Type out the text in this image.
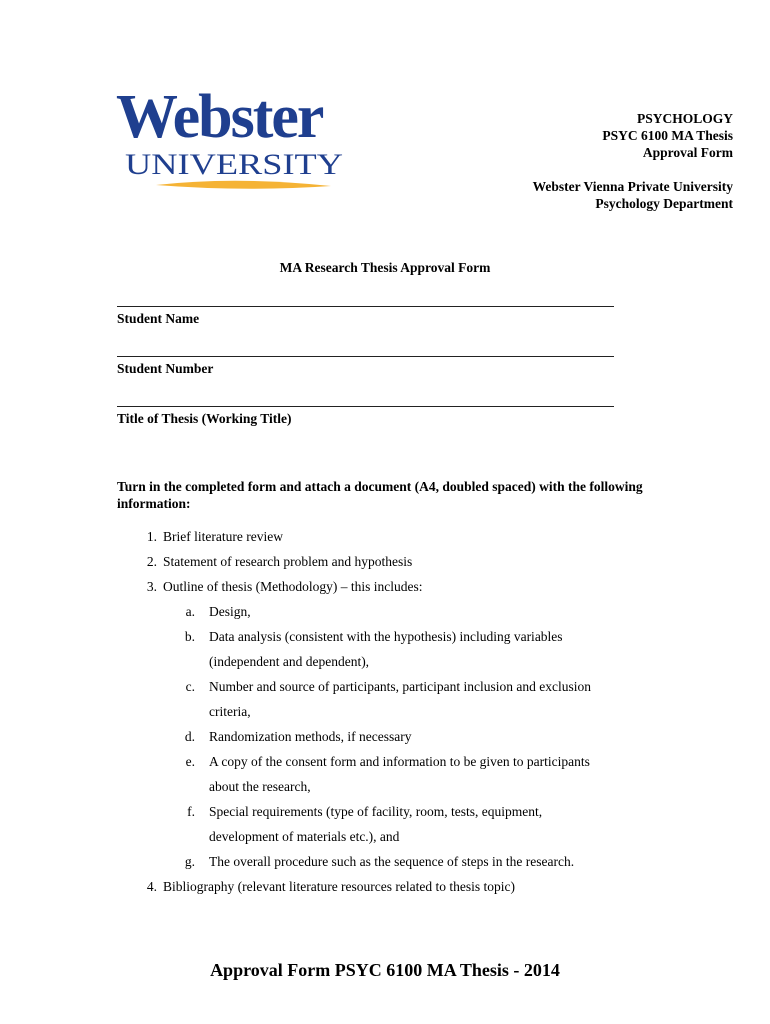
Webster
UNIVERSITY
PSYCHOLOGY
PSYC 6100 MA Thesis
Approval Form
Webster Vienna Private University
Psychology Department
MA Research Thesis Approval Form
Student Name
Student Number
Title of Thesis (Working Title)
Turn in the completed form and attach a document (A4, doubled spaced) with the following information:
1. Brief literature review
2. Statement of research problem and hypothesis
3. Outline of thesis (Methodology) – this includes:
a. Design,
b. Data analysis (consistent with the hypothesis) including variables
(independent and dependent),
c. Number and source of participants, participant inclusion and exclusion
criteria,
d. Randomization methods, if necessary
e. A copy of the consent form and information to be given to participants
about the research,
f. Special requirements (type of facility, room, tests, equipment,
development of materials etc.), and
g. The overall procedure such as the sequence of steps in the research.
4. Bibliography (relevant literature resources related to thesis topic)
Approval Form PSYC 6100 MA Thesis - 2014
